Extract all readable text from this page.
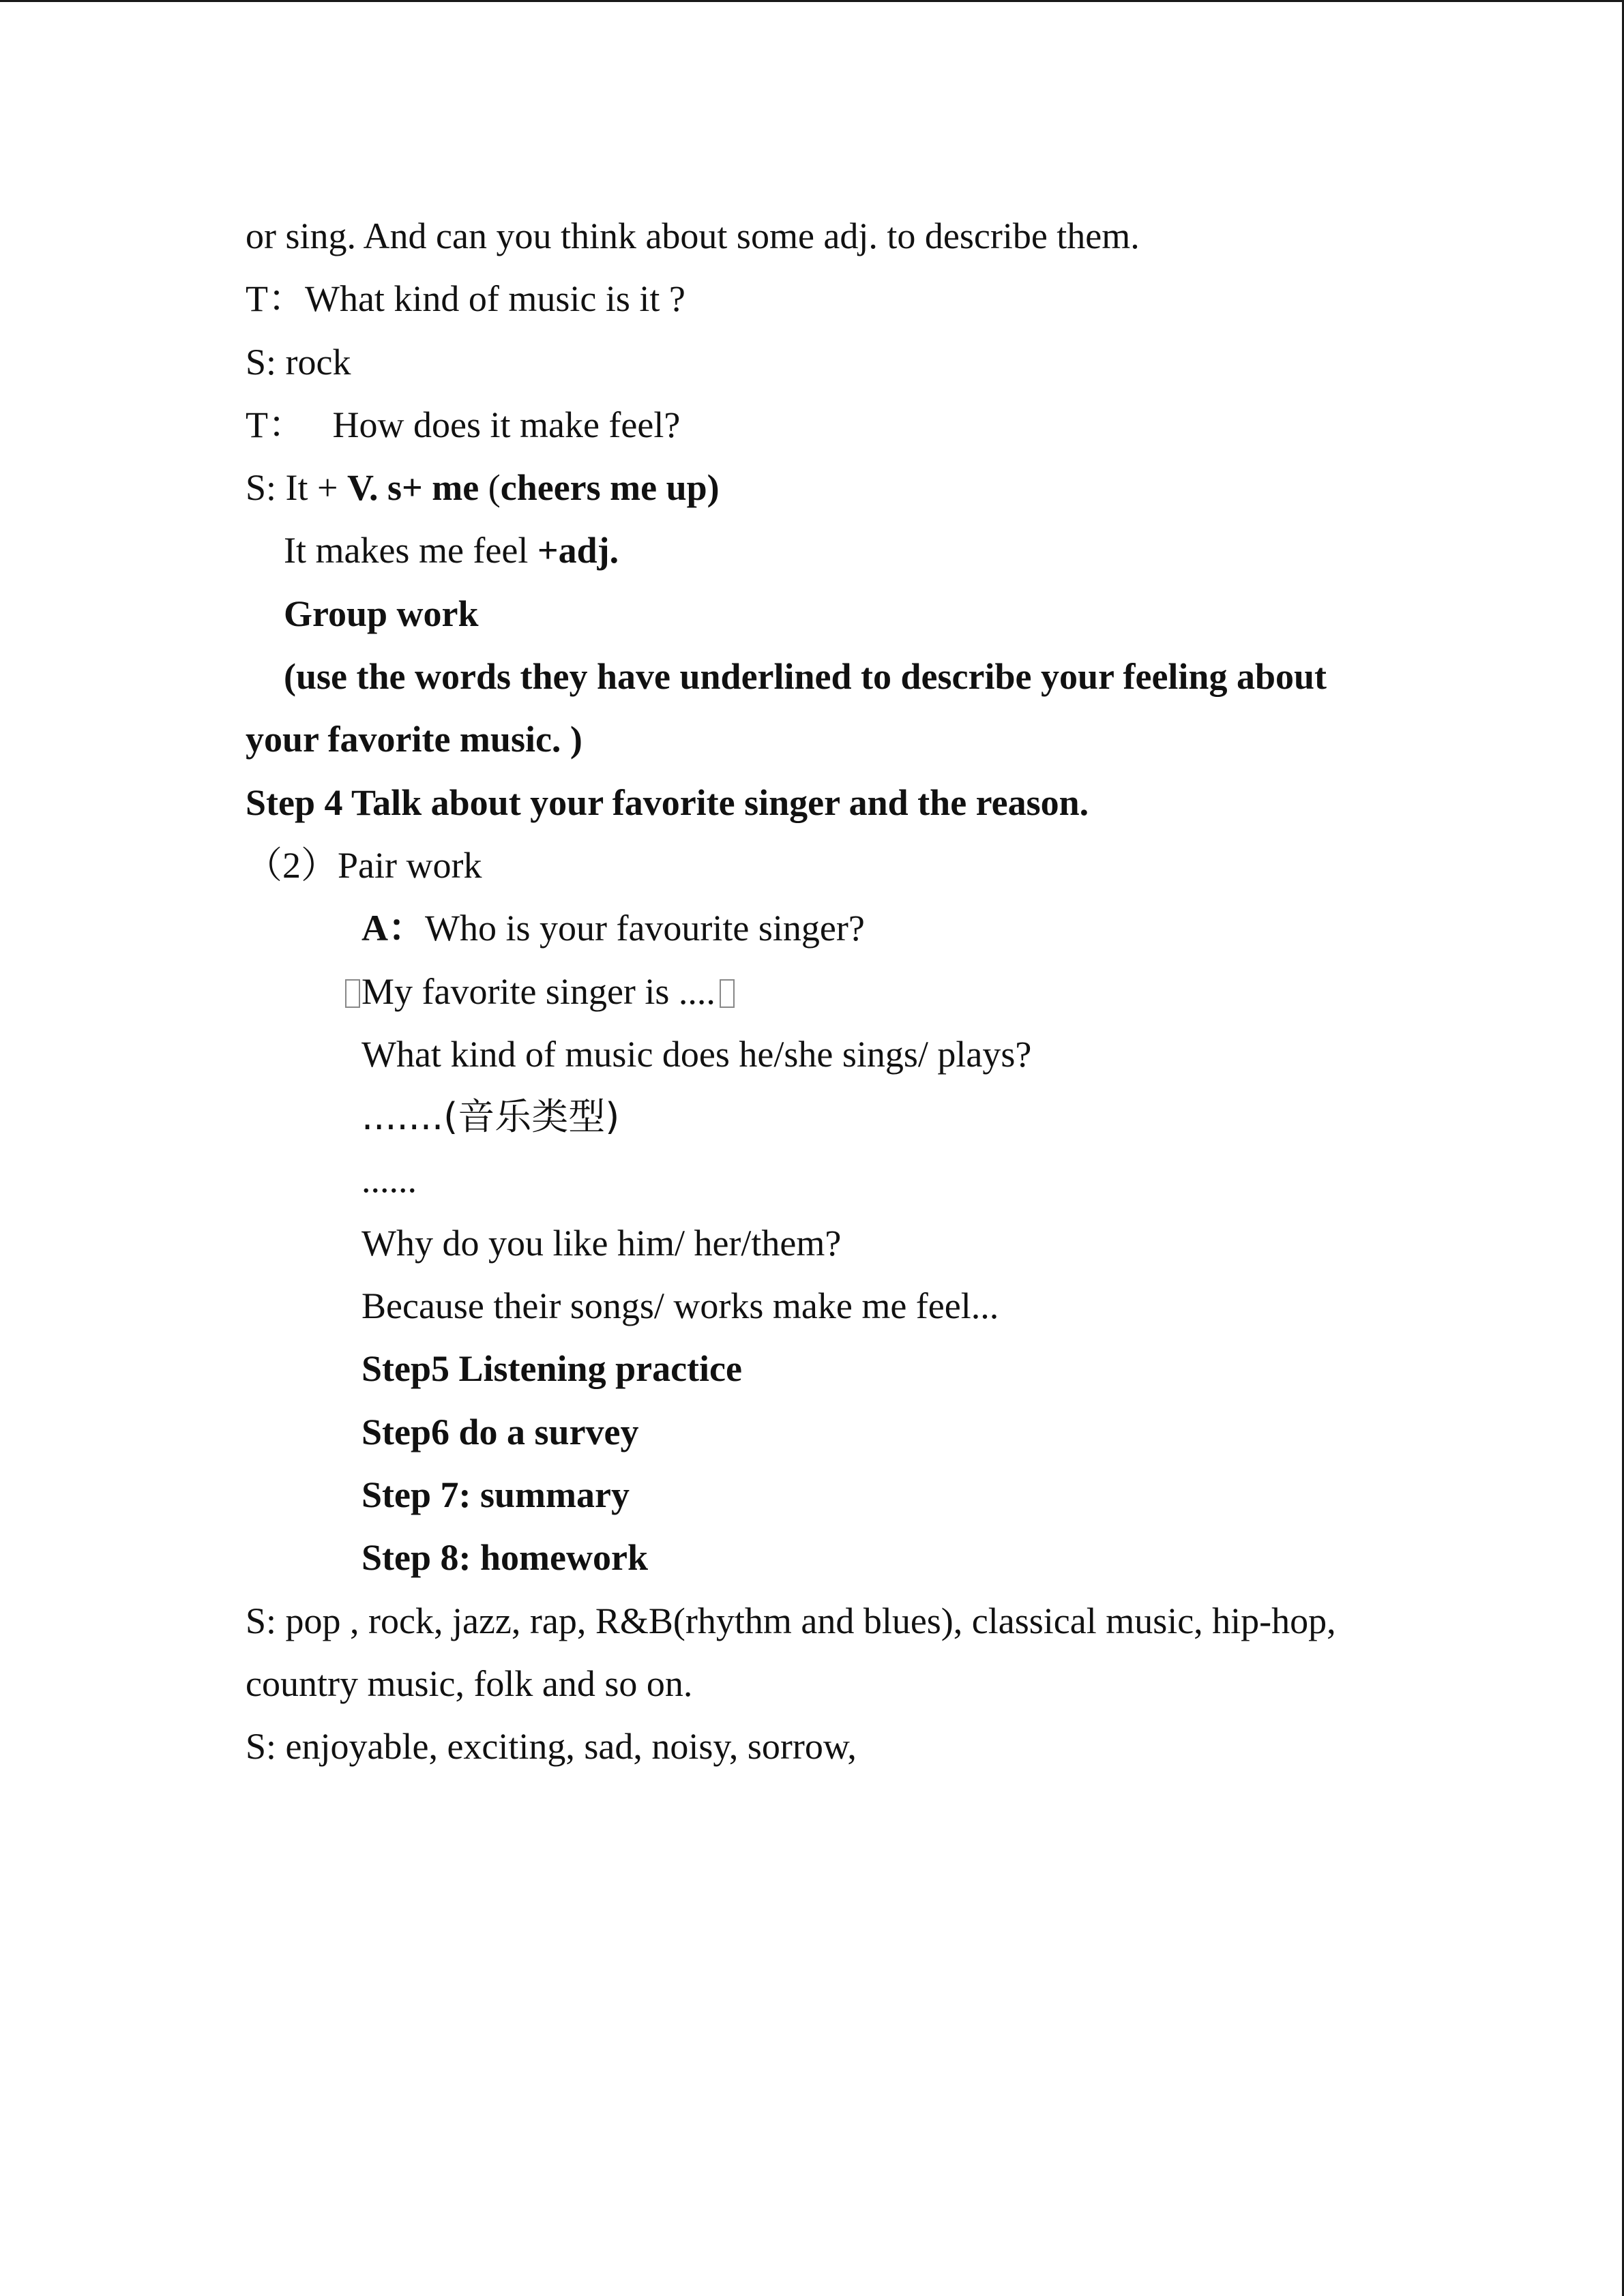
or sing. And can you think about some adj. to describe them.
T：What kind of music is it ?
S: rock
T：   How does it make feel?
S: It + V. s+ me (cheers me up)
It makes me feel +adj.
Group work
(use the words they have underlined to describe your feeling about
your favorite music. )
Step 4 Talk about your favorite singer and the reason.
（2）Pair work
A：Who is your favourite singer?
My favorite singer is ....
What kind of music does he/she sings/ plays?
.......(音乐类型)
......
Why do you like him/ her/them?
Because their songs/ works make me feel...
Step5 Listening practice
Step6 do a survey
Step 7: summary
Step 8: homework
S: pop , rock, jazz, rap, R&B(rhythm and blues), classical music, hip-hop,
country music, folk and so on.
S: enjoyable, exciting, sad, noisy, sorrow,
